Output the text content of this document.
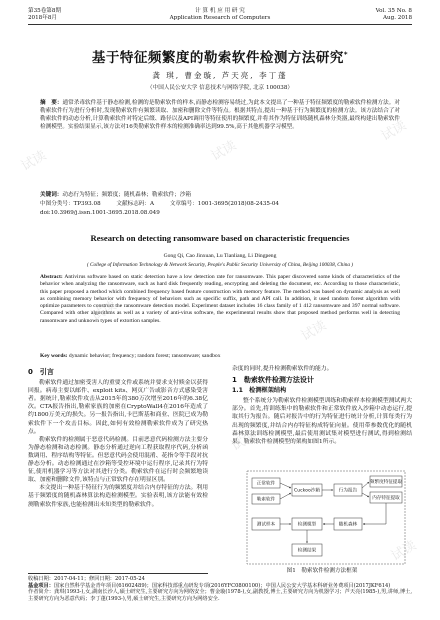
第35卷第8期
2018年8月
计 算 机 应 用 研 究
Application Research of Computers
Vol. 35 No. 8
Aug. 2018
基于特征频繁度的勒索软件检测方法研究*
龚 琪, 曹金璇, 芦天亮, 李丁蓬
（中国人民公安大学 信息技术与网络学院, 北京 100038）
摘　要：通常杀毒软件基于静态检测,检测的是勒索软件的样本,而静态检测容易绕过,为此本文提出了一种基于特征频繁度的勒索软件检测方法。对勒索软件行为进行分析时,发现勒索软件有频繁读取、加密和删除文件等特点。根据其特点,提出一种基于行为频繁度的检测方法。该方法结合了对勒索软件的动态分析,计算勒索软件对特定后缀、路径以及API调用等特征使用的频繁度,并将其作为特征训练随机森林分类器,最终构建出勒索软件检测模型。实验结果显示,该方法对16类勒索软件样本的检测准确率达到99.5%,高于其他机器学习模型。
关键词：动态行为特征；频繁度；随机森林；勒索软件；沙箱
中图分类号：TP393.08	文献标志码：A	文章编号：1001-3695(2018)08-2435-04
doi:10.3969/j.issn.1001-3695.2018.08.049
Research on detecting ransomware based on characteristic frequencies
Gong Qi, Cao Jinxuan, Lu Tianliang, Li Dingpeng
( College of Information Technology & Network Security, People's Public Security University of China, Beijing 100038, China )
Abstract: Antivirus software based on static detection have a low detection rate for ransomware. This paper discovered some kinds of characteristics of the behavior when analyzing the ransomware, such as hard disk frequently reading, encrypting and deleting the document, etc. According to those characteristic, this paper proposed a method which combined frequency based feature construction with memory feature. The method was based on dynamic analysis as well as combining memory behavior with frequency of behaviors such as specific suffix, path and API call. In addition, it used random forest algorithm with optimize parameters to construct the ransomware detection model. Experiment dataset includes 16 class family of 1 412 ransomware and 397 normal software. Compared with other algorithms as well as a variety of anti-virus software, the experimental results show that proposed method performs well in detecting ransomware and unknown types of extortion samples.
Key words: dynamic behavior; frequency; random forest; ransomware; sandbox
0　引言

勒索软件通过加密受害人的重要文件或系统并要求支付赎金以获得回报。病毒主要以邮件、exploit kits、网页广告或影音方式感染受害者。据统计,勒索软件攻击从2015年的380万次增至2016年的6.38亿次。CTA报告指出,勒索家族的加密在CryptoWall4在2016年造成了约1800万美元的损失。另一报告指出,卡巴斯基和商业、医院已成为勒索软件下一个攻击目标。因此,如何有效检测勒索软件成为了研究热点。

勒索软件的检测属于恶意代码检测。目前恶意代码检测方法主要分为静态检测和动态检测。静态分析通过逆向工程获取程序代码,分析函数调用、程序结构等特征。但恶意代码会使用混淆、花指令等手段对抗静态分析。动态检测通过在沙箱等受控环境中运行程序,记录其行为特征,使用机器学习等方法对其进行分类。勒索软件在运行时会频繁地读取、加密和删除文件,该特点与正常软件存在明显区别。

本文提出一种基于特征行为的频繁度并结合内存特征的方法。利用基于频繁度的随机森林算法构造检测模型。实验表明,该方法能有效检测勒索软件家族,也能检测出未知类型的勒索软件。

杂度的同时,提升检测勒索软件的能力。

1　勒索软件检测方法设计
1.1　检测框架结构

整个系统分为勒索软件检测模型训练和勒索样本检测模型测试两大部分。首先,将训练集中的勒索软件和正常软件放入沙箱中动态运行,提取其行为报告。随后对报告中的行为特征进行统计分析,计算每类行为出现的频繁度,并结合内存特征构成特征向量。使用带参数优化的随机森林算法训练检测模型,最后使用测试集对模型进行测试,得到检测结果。勒索软件检测模型的架构如图1所示。

正常软件
勒索软件
Cuckoo沙箱	行为报告
频繁度特征提取
内存特征提取
随机森林
检测模型
测试样本
检测结果
图1　勒索软件检测方法框架
收稿日期：2017-04-11；修回日期：2017-05-24
基金项目：国家自然科学基金青年项目(61602489)；国家科技部重点研发专项(2016YFC0800100)；中国人民公安大学基本科研业务费项目(2017JKF614)
作者简介：龚琪(1993-),女,湖南长沙人,硕士研究生,主要研究方向为网络安全；曹金璇(1978-),女,副教授,博士,主要研究方向为机器学习；芦天亮(1985-),男,讲师,博士,主要研究方向为恶意代码；李丁蓬(1993-),男,硕士研究生,主要研究方向为网络安全.
试读	试读
试读
试读
试读
试读
试读
试读
